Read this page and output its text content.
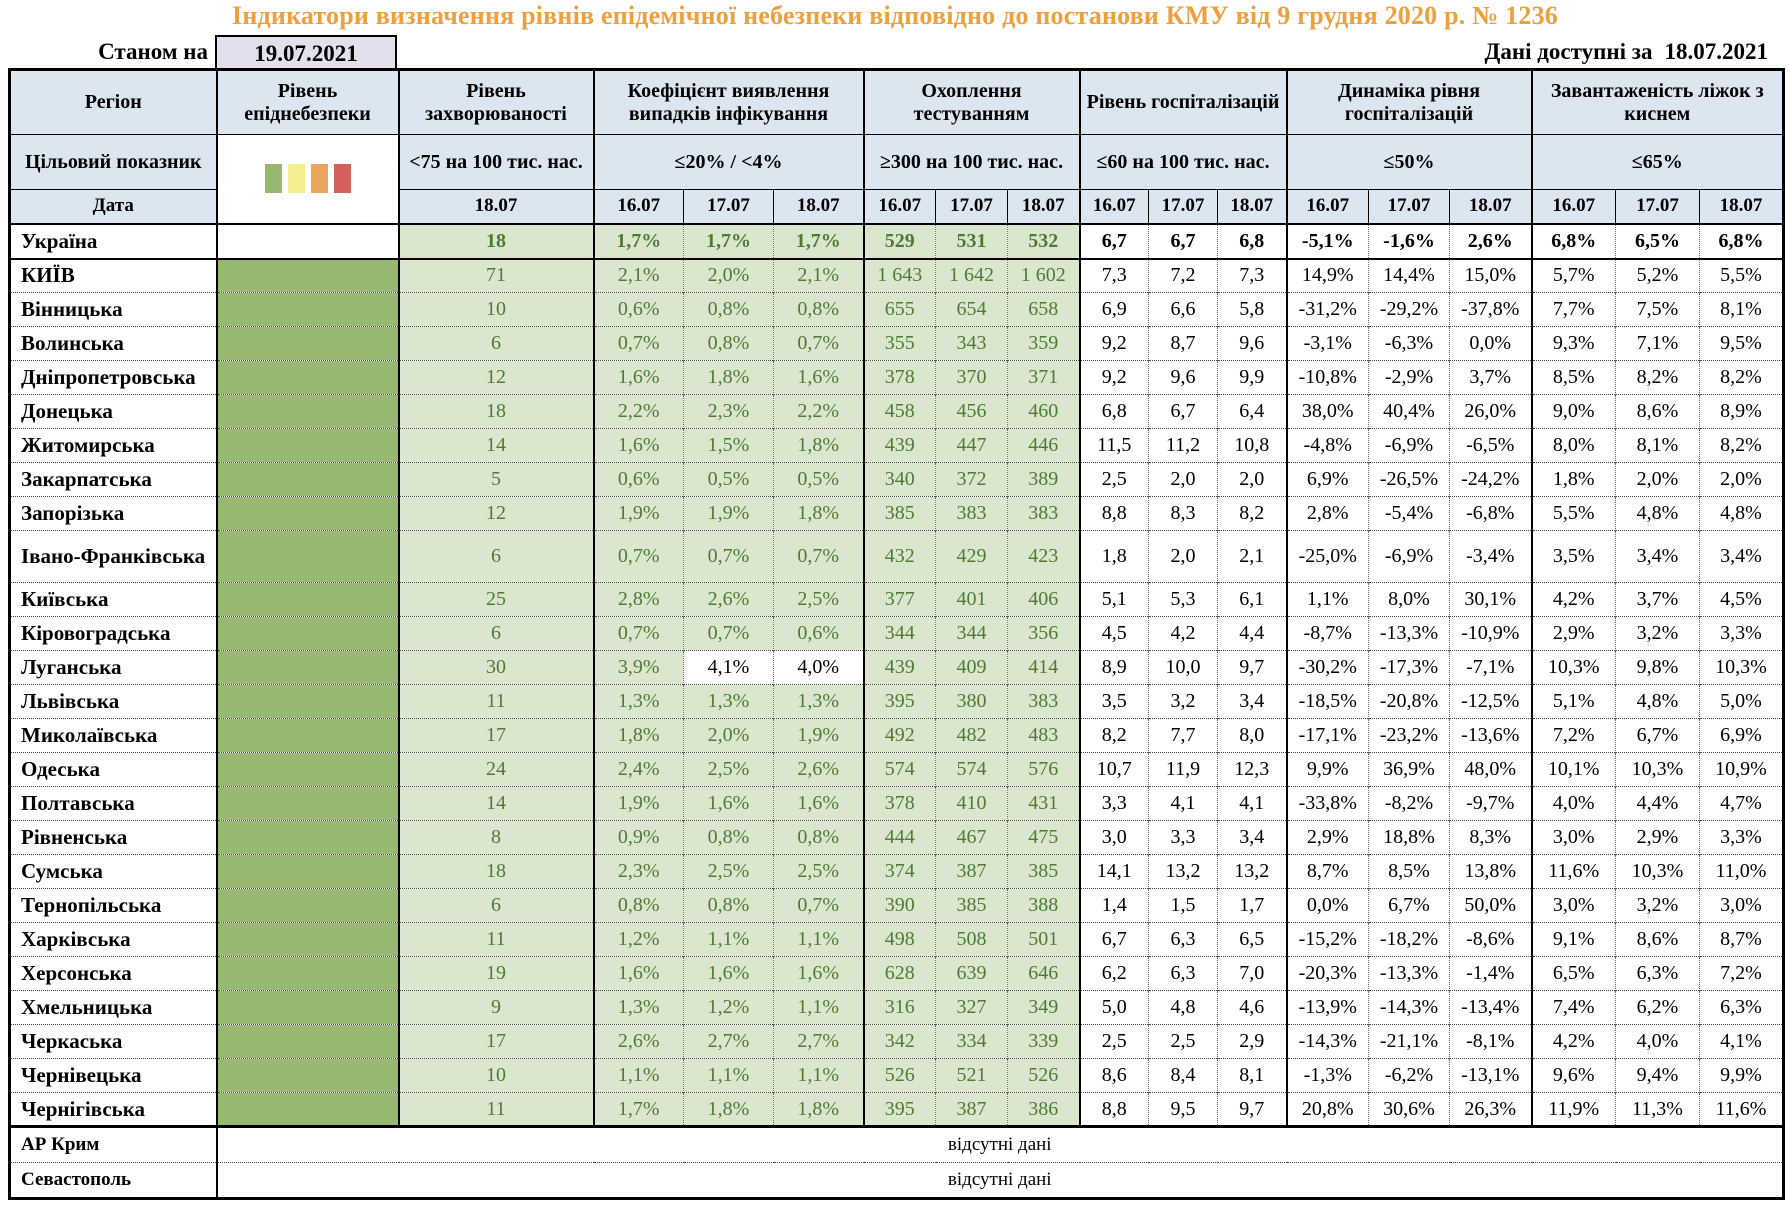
Індикатори визначення рівнів епідемічної небезпеки відповідно до постанови КМУ від 9 грудня 2020 р. № 1236
Станом на	19.07.2021	Дані доступні за 18.07.2021
Регіон	Рівень епіднебезпеки	Рівень захворюваності	Коефіцієнт виявлення випадків інфікування			Охоплення тестуванням			Рівень госпіталізацій			Динаміка рівня госпіталізацій			Завантаженість ліжок з киснем		
Цільовий показник		<75 на 100 тис. нас.	≤20% / <4%			≥300 на 100 тис. нас.			≤60 на 100 тис. нас.			≤50%			≤65%		
Дата		18.07	16.07	17.07	18.07	16.07	17.07	18.07	16.07	17.07	18.07	16.07	17.07	18.07	16.07	17.07	18.07
Україна		18	1,7%	1,7%	1,7%	529	531	532	6,7	6,7	6,8	-5,1%	-1,6%	2,6%	6,8%	6,5%	6,8%
КИЇВ		71	2,1%	2,0%	2,1%	1 643	1 642	1 602	7,3	7,2	7,3	14,9%	14,4%	15,0%	5,7%	5,2%	5,5%
Вінницька		10	0,6%	0,8%	0,8%	655	654	658	6,9	6,6	5,8	-31,2%	-29,2%	-37,8%	7,7%	7,5%	8,1%
Волинська		6	0,7%	0,8%	0,7%	355	343	359	9,2	8,7	9,6	-3,1%	-6,3%	0,0%	9,3%	7,1%	9,5%
Дніпропетровська		12	1,6%	1,8%	1,6%	378	370	371	9,2	9,6	9,9	-10,8%	-2,9%	3,7%	8,5%	8,2%	8,2%
Донецька		18	2,2%	2,3%	2,2%	458	456	460	6,8	6,7	6,4	38,0%	40,4%	26,0%	9,0%	8,6%	8,9%
Житомирська		14	1,6%	1,5%	1,8%	439	447	446	11,5	11,2	10,8	-4,8%	-6,9%	-6,5%	8,0%	8,1%	8,2%
Закарпатська		5	0,6%	0,5%	0,5%	340	372	389	2,5	2,0	2,0	6,9%	-26,5%	-24,2%	1,8%	2,0%	2,0%
Запорізька		12	1,9%	1,9%	1,8%	385	383	383	8,8	8,3	8,2	2,8%	-5,4%	-6,8%	5,5%	4,8%	4,8%
Івано-Франківська		6	0,7%	0,7%	0,7%	432	429	423	1,8	2,0	2,1	-25,0%	-6,9%	-3,4%	3,5%	3,4%	3,4%
Київська		25	2,8%	2,6%	2,5%	377	401	406	5,1	5,3	6,1	1,1%	8,0%	30,1%	4,2%	3,7%	4,5%
Кіровоградська		6	0,7%	0,7%	0,6%	344	344	356	4,5	4,2	4,4	-8,7%	-13,3%	-10,9%	2,9%	3,2%	3,3%
Луганська		30	3,9%	4,1%	4,0%	439	409	414	8,9	10,0	9,7	-30,2%	-17,3%	-7,1%	10,3%	9,8%	10,3%
Львівська		11	1,3%	1,3%	1,3%	395	380	383	3,5	3,2	3,4	-18,5%	-20,8%	-12,5%	5,1%	4,8%	5,0%
Миколаївська		17	1,8%	2,0%	1,9%	492	482	483	8,2	7,7	8,0	-17,1%	-23,2%	-13,6%	7,2%	6,7%	6,9%
Одеська		24	2,4%	2,5%	2,6%	574	574	576	10,7	11,9	12,3	9,9%	36,9%	48,0%	10,1%	10,3%	10,9%
Полтавська		14	1,9%	1,6%	1,6%	378	410	431	3,3	4,1	4,1	-33,8%	-8,2%	-9,7%	4,0%	4,4%	4,7%
Рівненська		8	0,9%	0,8%	0,8%	444	467	475	3,0	3,3	3,4	2,9%	18,8%	8,3%	3,0%	2,9%	3,3%
Сумська		18	2,3%	2,5%	2,5%	374	387	385	14,1	13,2	13,2	8,7%	8,5%	13,8%	11,6%	10,3%	11,0%
Тернопільська		6	0,8%	0,8%	0,7%	390	385	388	1,4	1,5	1,7	0,0%	6,7%	50,0%	3,0%	3,2%	3,0%
Харківська		11	1,2%	1,1%	1,1%	498	508	501	6,7	6,3	6,5	-15,2%	-18,2%	-8,6%	9,1%	8,6%	8,7%
Херсонська		19	1,6%	1,6%	1,6%	628	639	646	6,2	6,3	7,0	-20,3%	-13,3%	-1,4%	6,5%	6,3%	7,2%
Хмельницька		9	1,3%	1,2%	1,1%	316	327	349	5,0	4,8	4,6	-13,9%	-14,3%	-13,4%	7,4%	6,2%	6,3%
Черкаська		17	2,6%	2,7%	2,7%	342	334	339	2,5	2,5	2,9	-14,3%	-21,1%	-8,1%	4,2%	4,0%	4,1%
Чернівецька		10	1,1%	1,1%	1,1%	526	521	526	8,6	8,4	8,1	-1,3%	-6,2%	-13,1%	9,6%	9,4%	9,9%
Чернігівська		11	1,7%	1,8%	1,8%	395	387	386	8,8	9,5	9,7	20,8%	30,6%	26,3%	11,9%	11,3%	11,6%
АР Крим	відсутні дані																
Севастополь	відсутні дані																
